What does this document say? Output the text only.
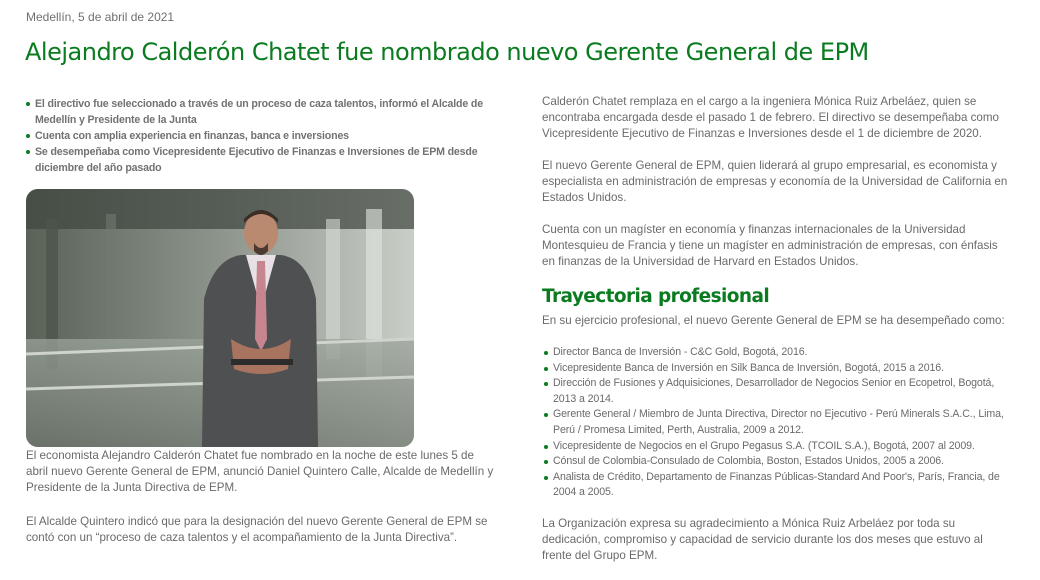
Medellín, 5 de abril de 2021
Alejandro Calderón Chatet fue nombrado nuevo Gerente General de EPM
El directivo fue seleccionado a través de un proceso de caza talentos, informó el Alcalde de Medellín y Presidente de la Junta
Cuenta con amplia experiencia en finanzas, banca e inversiones
Se desempeñaba como Vicepresidente Ejecutivo de Finanzas e Inversiones de EPM desde diciembre del año pasado
El economista Alejandro Calderón Chatet fue nombrado en la noche de este lunes 5 de abril nuevo Gerente General de EPM, anunció Daniel Quintero Calle, Alcalde de Medellín y Presidente de la Junta Directiva de EPM.
El Alcalde Quintero indicó que para la designación del nuevo Gerente General de EPM se contó con un “proceso de caza talentos y el acompañamiento de la Junta Directiva”.

Calderón Chatet remplaza en el cargo a la ingeniera Mónica Ruiz Arbeláez, quien se encontraba encargada desde el pasado 1 de febrero. El directivo se desempeñaba como Vicepresidente Ejecutivo de Finanzas e Inversiones desde el 1 de diciembre de 2020.

El nuevo Gerente General de EPM, quien liderará al grupo empresarial, es economista y especialista en administración de empresas y economía de la Universidad de California en Estados Unidos.

Cuenta con un magíster en economía y finanzas internacionales de la Universidad Montesquieu de Francia y tiene un magíster en administración de empresas, con énfasis en finanzas de la Universidad de Harvard en Estados Unidos.

Trayectoria profesional

En su ejercicio profesional, el nuevo Gerente General de EPM se ha desempeñado como:

Director Banca de Inversión - C&C Gold, Bogotá, 2016.
Vicepresidente Banca de Inversión en Silk Banca de Inversión, Bogotá, 2015 a 2016.
Dirección de Fusiones y Adquisiciones, Desarrollador de Negocios Senior en Ecopetrol, Bogotá, 2013 a 2014.
Gerente General / Miembro de Junta Directiva, Director no Ejecutivo - Perú Minerals S.A.C., Lima, Perú / Promesa Limited, Perth, Australia, 2009 a 2012.
Vicepresidente de Negocios en el Grupo Pegasus S.A. (TCOIL S.A.), Bogotá, 2007 al 2009.
Cónsul de Colombia-Consulado de Colombia, Boston, Estados Unidos, 2005 a 2006.
Analista de Crédito, Departamento de Finanzas Públicas-Standard And Poor's, París, Francia, de 2004 a 2005.

La Organización expresa su agradecimiento a Mónica Ruiz Arbeláez por toda su dedicación, compromiso y capacidad de servicio durante los dos meses que estuvo al frente del Grupo EPM.
